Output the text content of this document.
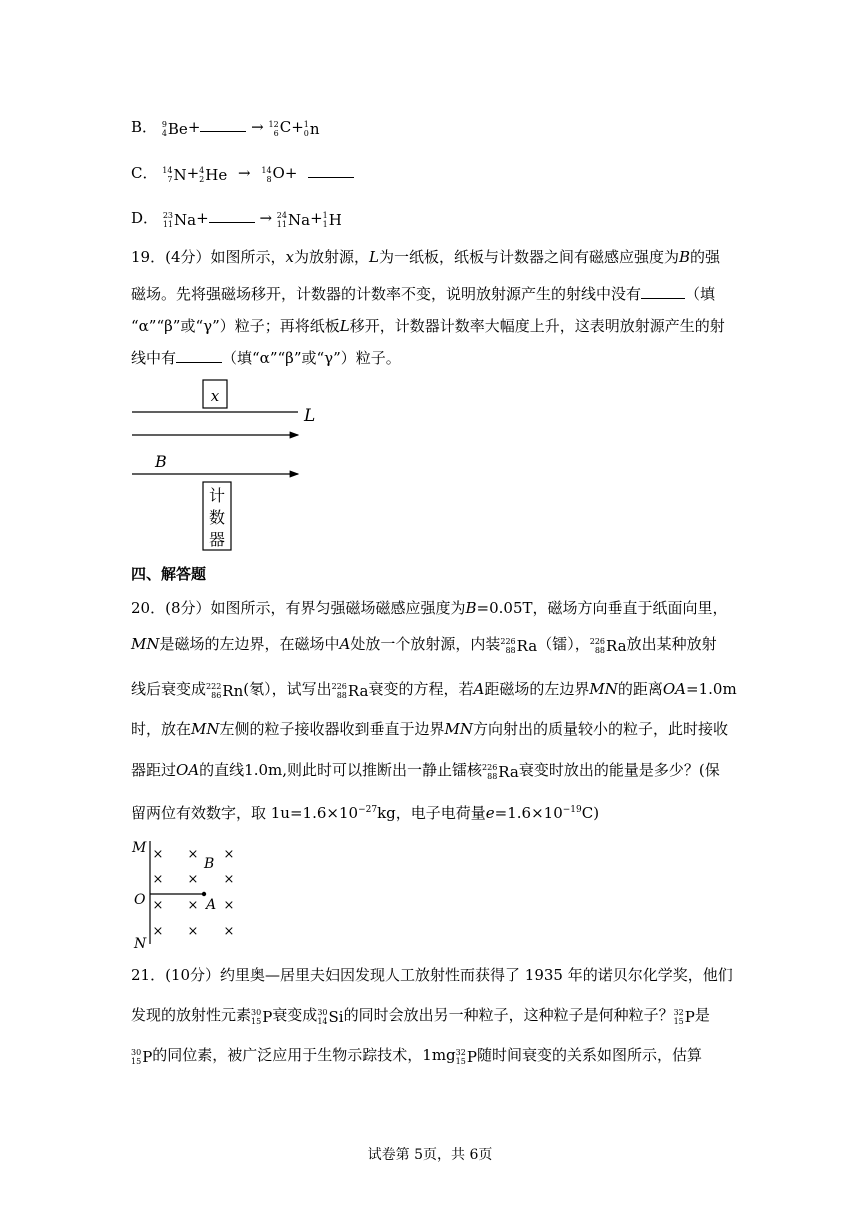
B． 9
4 Be+	→ 12
6 C+ 1
0 n
C． 14
7 N+ 4
2 He → 14
8 O+
D． 23
11 Na+	→ 24
11 Na+ 1
1 H
19．(4分）如图所示，x为放射源，L为一纸板，纸板与计数器之间有磁感应强度为B的强
磁场。先将强磁场移开，计数器的计数率不变，说明放射源产生的射线中没有	（填
“α”“β”或“γ”）粒子；再将纸板L移开，计数器计数率大幅度上升，这表明放射源产生的射
线中有	（填“α”“β”或“γ”）粒子。
x
L
B
计
数
器
四、解答题
20．(8分）如图所示，有界匀强磁场磁感应强度为B=0.05T，磁场方向垂直于纸面向里，
MN是磁场的左边界，在磁场中A处放一个放射源，内装 226
88 Ra（镭）， 226
88 Ra放出某种放射
线后衰变成 222
86 Rn(氡），试写出 226
88 Ra衰变的方程，若A距磁场的左边界MN的距离OA=1.0m
时，放在MN左侧的粒子接收器收到垂直于边界MN方向射出的质量较小的粒子，此时接收
器距过OA的直线1.0m,则此时可以推断出一静止镭核 226
88 Ra衰变时放出的能量是多少？(保
留两位有效数字，取 $1u=1.6\times 10^{-27}kg$，电子电荷量$e=1.6\times 10^{-19}C$)
M
O
N
B
A
× × ×
× × ×
× × ×
× × ×
21．(10分）约里奥—居里夫妇因发现人工放射性而获得了 1935 年的诺贝尔化学奖，他们
发现的放射性元素 30
15 P衰变成 30
14 Si的同时会放出另一种粒子，这种粒子是何种粒子？ 32
15 P是
30
15 P的同位素，被广泛应用于生物示踪技术，1mg 32
15 P随时间衰变的关系如图所示，估算
试卷第 5页，共 6页
